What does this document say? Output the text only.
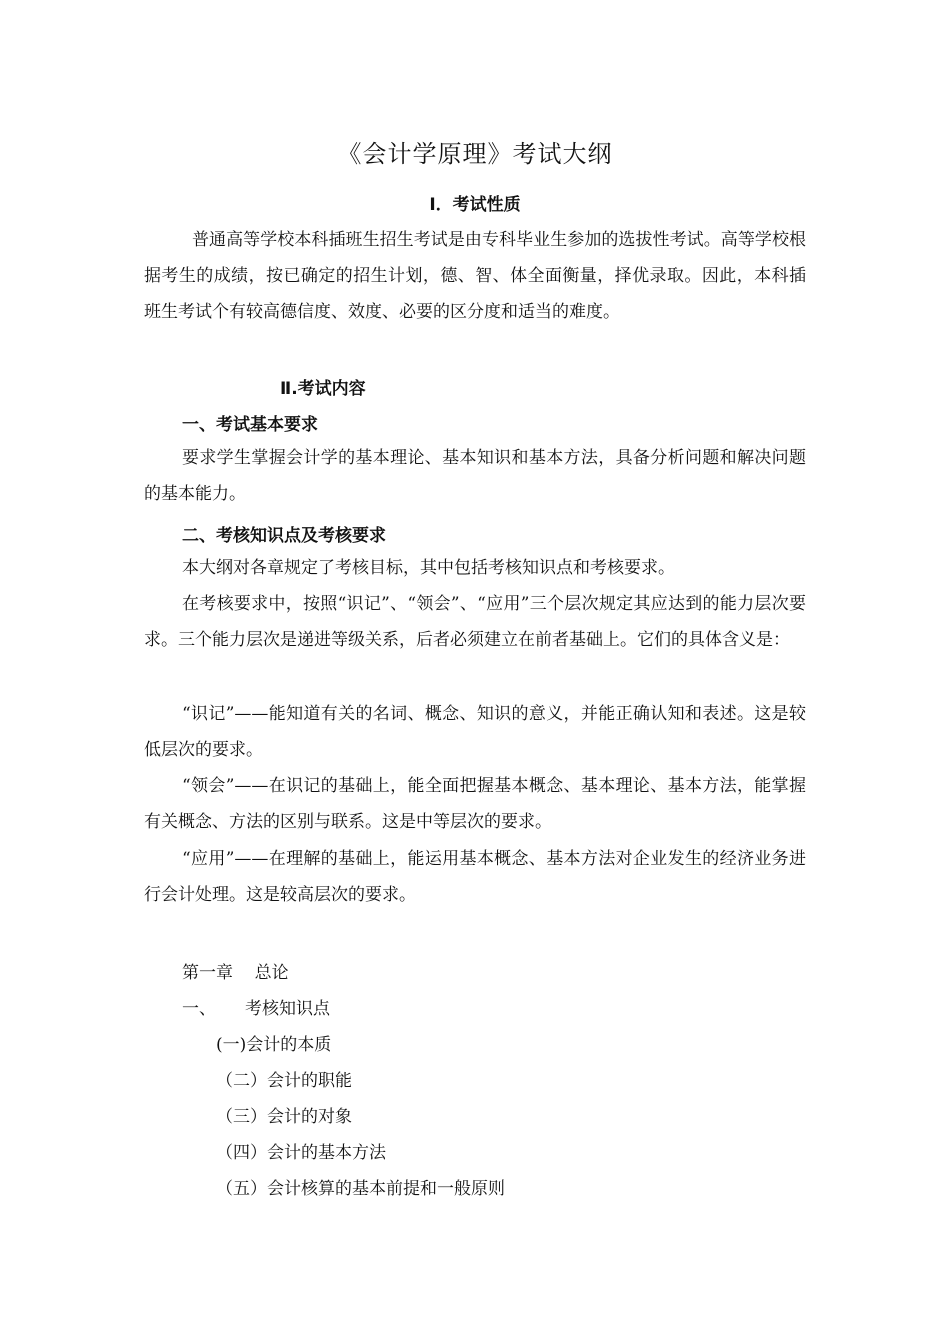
《会计学原理》考试大纲
Ⅰ．考试性质
普通高等学校本科插班生招生考试是由专科毕业生参加的选拔性考试。高等学校根据考生的成绩，按已确定的招生计划，德、智、体全面衡量，择优录取。因此，本科插班生考试个有较高德信度、效度、必要的区分度和适当的难度。
Ⅱ.考试内容
一、考试基本要求
要求学生掌握会计学的基本理论、基本知识和基本方法，具备分析问题和解决问题的基本能力。
二、考核知识点及考核要求
本大纲对各章规定了考核目标，其中包括考核知识点和考核要求。
在考核要求中，按照“识记”、“领会”、“应用”三个层次规定其应达到的能力层次要求。三个能力层次是递进等级关系，后者必须建立在前者基础上。它们的具体含义是：
“识记”——能知道有关的名词、概念、知识的意义，并能正确认知和表述。这是较低层次的要求。
“领会”——在识记的基础上，能全面把握基本概念、基本理论、基本方法，能掌握有关概念、方法的区别与联系。这是中等层次的要求。
“应用”——在理解的基础上，能运用基本概念、基本方法对企业发生的经济业务进行会计处理。这是较高层次的要求。
第一章    总论
一、 考核知识点
(一)会计的本质
（二）会计的职能
（三）会计的对象
（四）会计的基本方法
（五）会计核算的基本前提和一般原则
